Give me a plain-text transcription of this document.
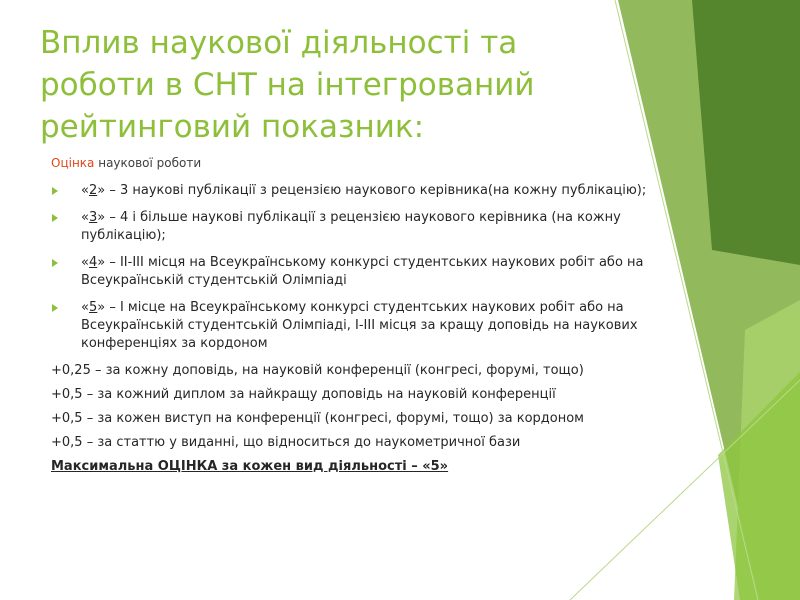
Вплив наукової діяльності та роботи в СНТ на інтегрований рейтинговий показник:

Оцінка наукової роботи

«2» – 3 наукові публікації з рецензією наукового керівника(на кожну публікацію);
«3» – 4 і більше наукові публікації з рецензією наукового керівника (на кожну публікацію);
«4» – ІІ-ІІІ місця на Всеукраїнському конкурсі студентських наукових робіт або на Всеукраїнській студентській Олімпіаді
«5» – І місце на Всеукраїнському конкурсі студентських наукових робіт або на Всеукраїнській студентській Олімпіаді, І-ІІІ місця за кращу доповідь на наукових конференціях за кордоном

+0,25 – за кожну доповідь, на науковій конференції (конгресі, форумі, тощо)

+0,5 – за кожний диплом за найкращу доповідь на науковій конференції

+0,5 – за кожен виступ на конференції (конгресі, форумі, тощо) за кордоном

+0,5 – за статтю у виданні, що відноситься до наукометричної бази

Максимальна ОЦІНКА за кожен вид діяльності – «5»
